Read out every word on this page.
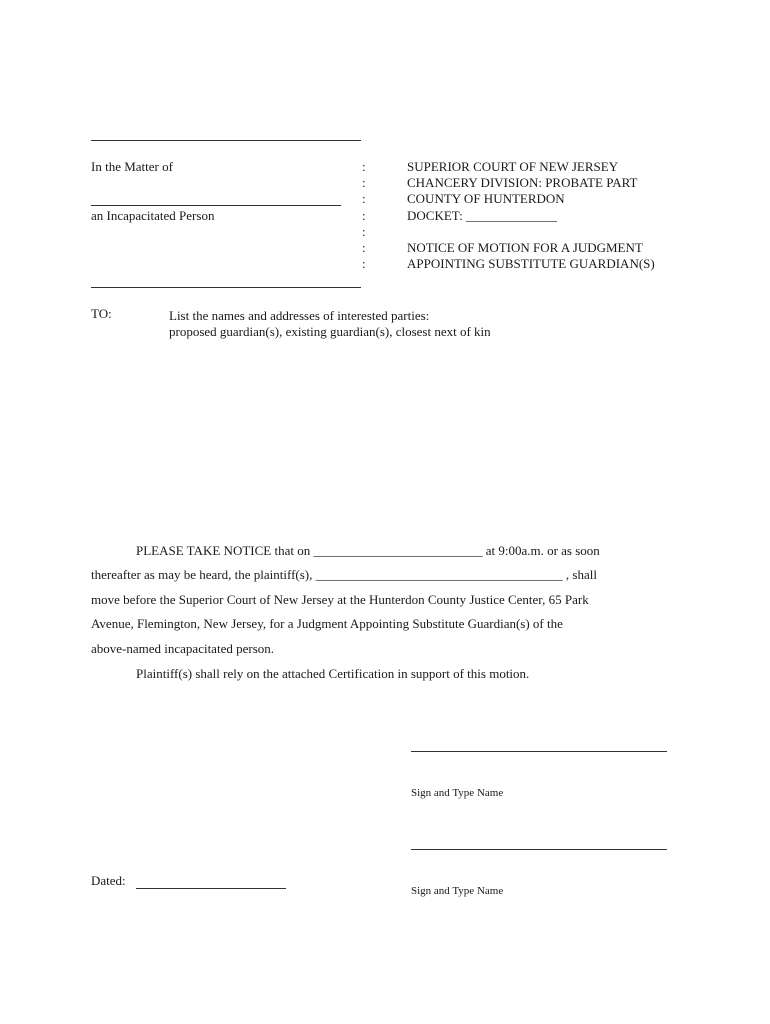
In the Matter of
an Incapacitated Person
:
:
:
:
:
:
:
SUPERIOR COURT OF NEW JERSEY
CHANCERY DIVISION: PROBATE PART
COUNTY OF HUNTERDON
DOCKET: ______________
NOTICE OF MOTION FOR A JUDGMENT
APPOINTING SUBSTITUTE GUARDIAN(S)
TO:	List the names and addresses of interested parties:
proposed guardian(s), existing guardian(s), closest next of kin
PLEASE TAKE NOTICE that on __________________________ at 9:00a.m. or as soon
thereafter as may be heard, the plaintiff(s), ______________________________________ , shall
move before the Superior Court of New Jersey at the Hunterdon County Justice Center, 65 Park
Avenue, Flemington, New Jersey, for a Judgment Appointing Substitute Guardian(s) of the
above-named incapacitated person.
Plaintiff(s) shall rely on the attached Certification in support of this motion.
Sign and Type Name
Sign and Type Name
Dated:
